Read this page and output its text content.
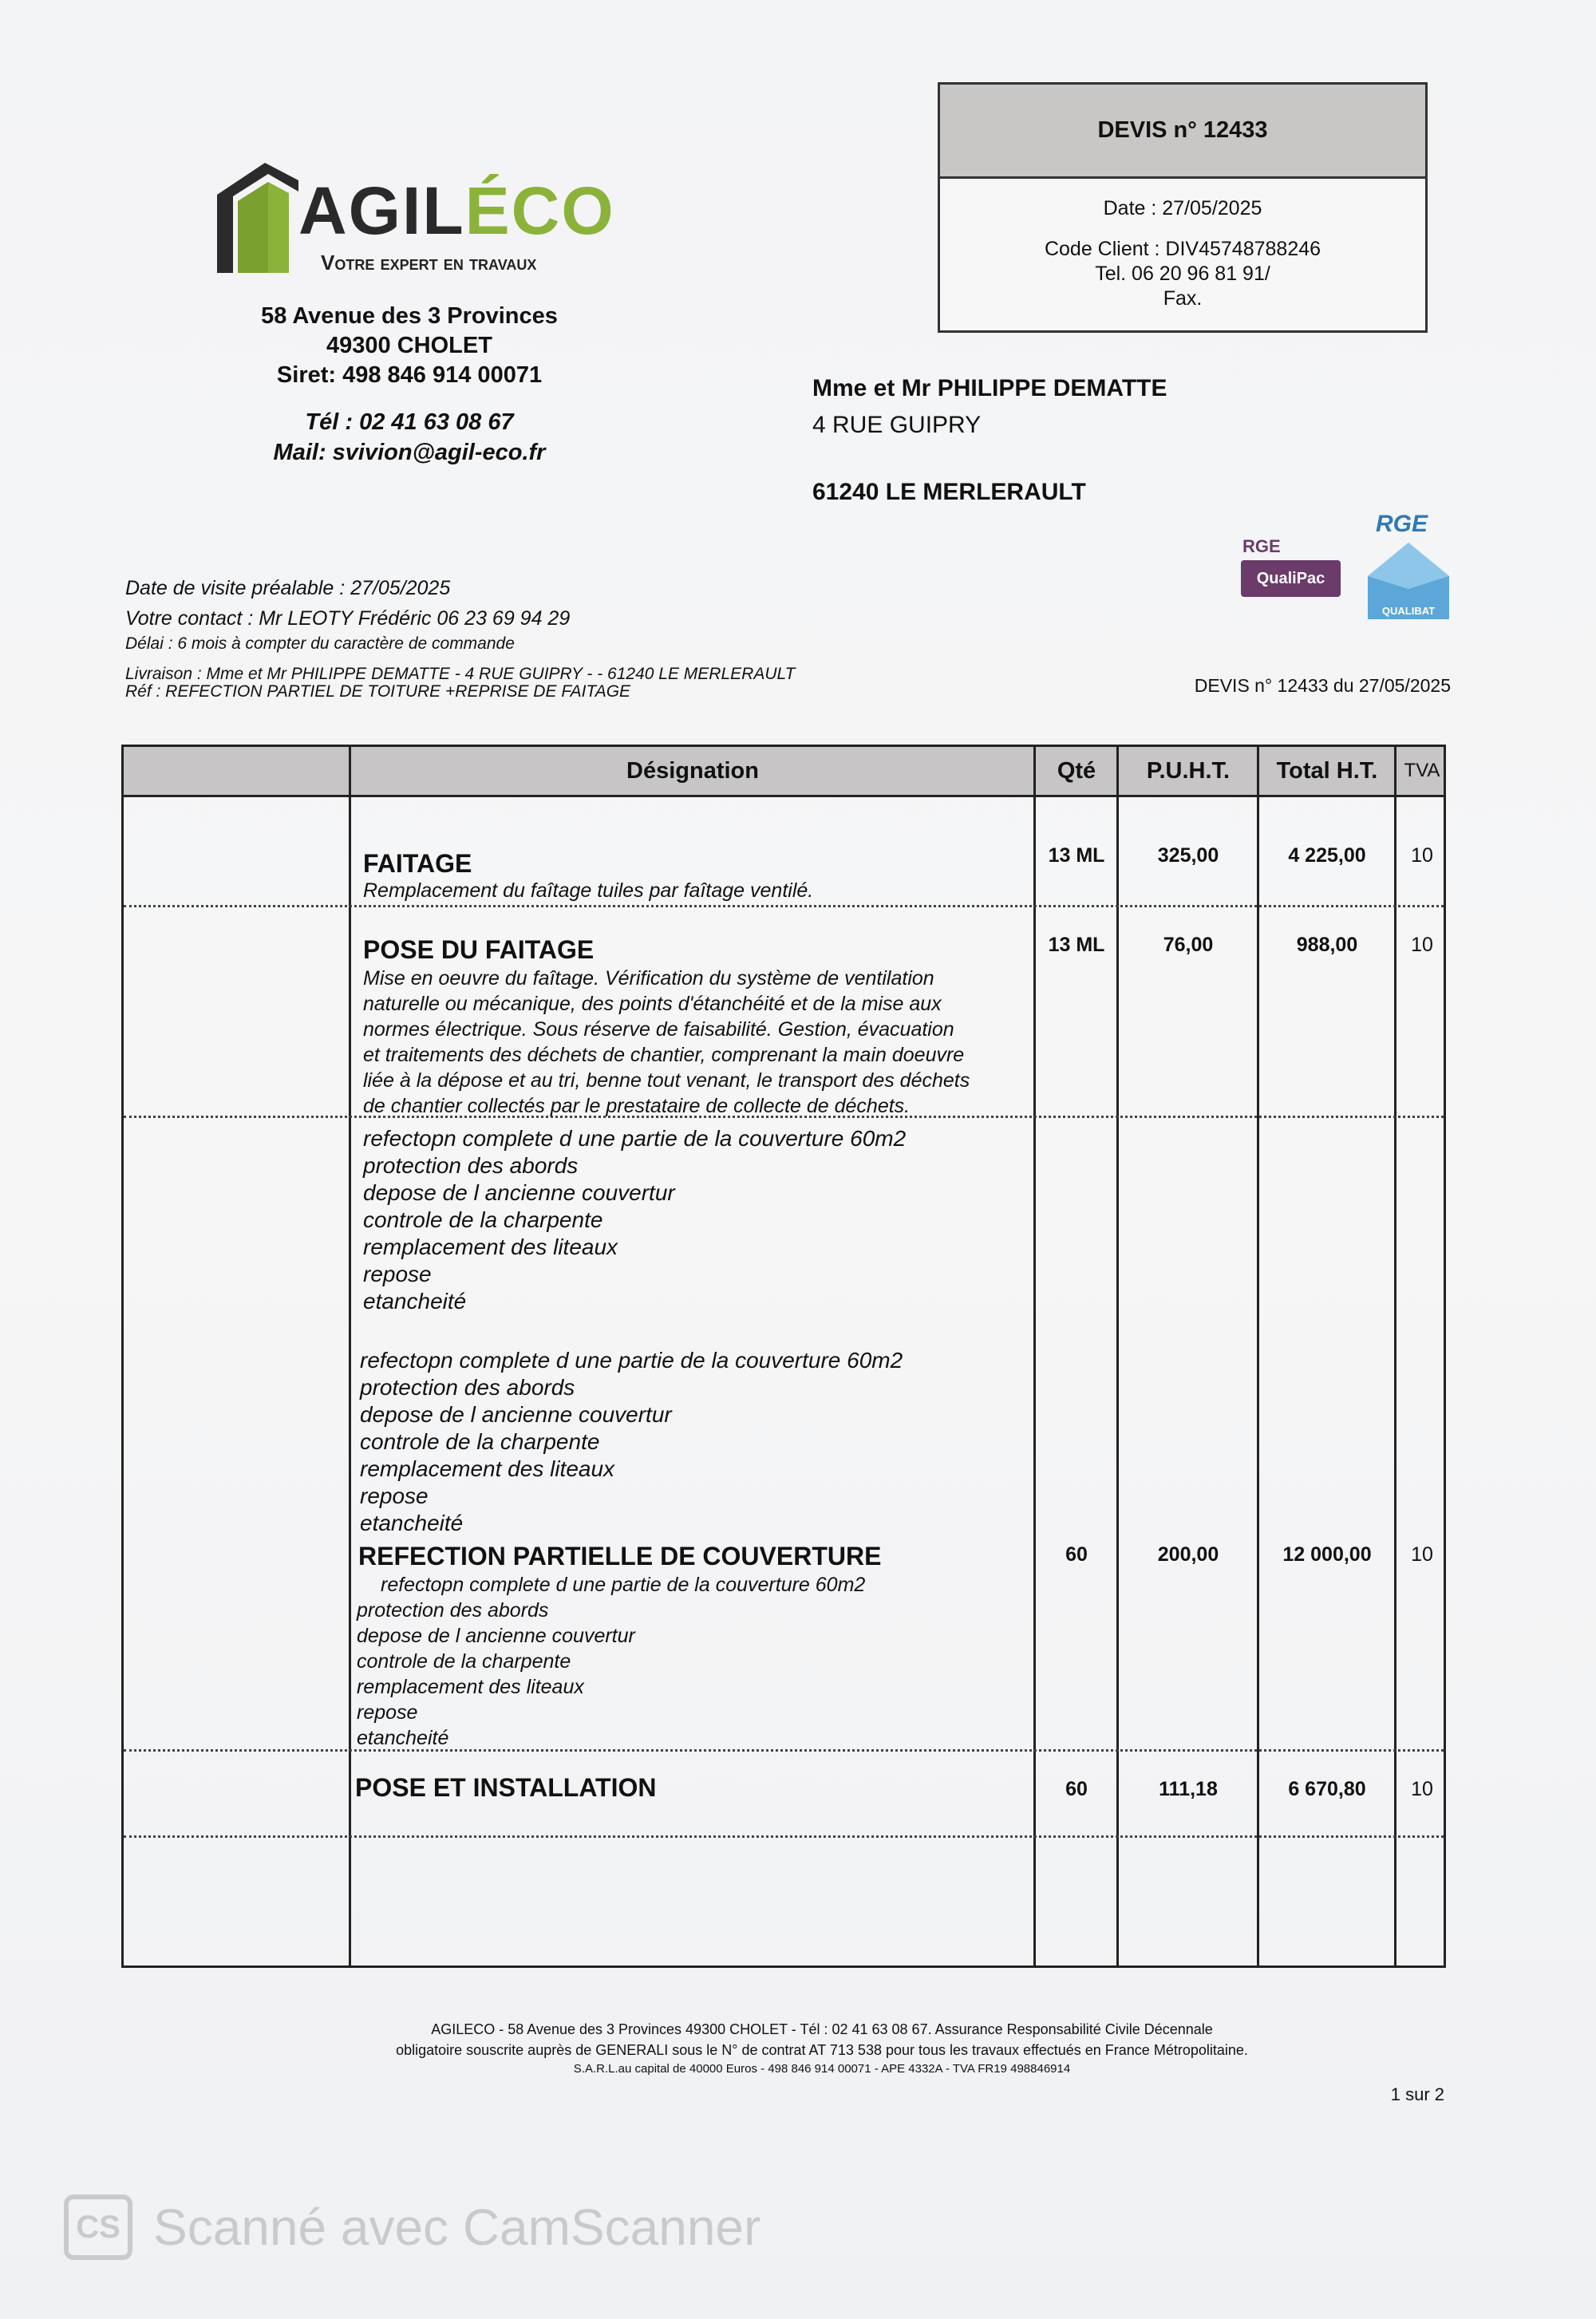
AGILÉCO
Votre expert en travaux
58 Avenue des 3 Provinces
49300 CHOLET
Siret: 498 846 914 00071
Tél : 02 41 63 08 67
Mail: svivion@agil-eco.fr
DEVIS n° 12433
Date : 27/05/2025
Code Client : DIV45748788246
Tel. 06 20 96 81 91/
Fax.
Mme et Mr PHILIPPE DEMATTE
4 RUE GUIPRY
61240 LE MERLERAULT
RGE
QualiPac
RGE
QUALIBAT
Date de visite préalable : 27/05/2025
Votre contact : Mr LEOTY Frédéric 06 23 69 94 29
Délai : 6 mois à compter du caractère de commande
Livraison : Mme et Mr PHILIPPE DEMATTE - 4 RUE GUIPRY - - 61240 LE MERLERAULT
Réf : REFECTION PARTIEL DE TOITURE +REPRISE DE FAITAGE	DEVIS n° 12433 du 27/05/2025
Désignation	Qté	P.U.H.T.	Total H.T.	TVA
FAITAGE
Remplacement du faîtage tuiles par faîtage ventilé.
13 ML	325,00	4 225,00	10
POSE DU FAITAGE
Mise en oeuvre du faîtage. Vérification du système de ventilation
naturelle ou mécanique, des points d'étanchéité et de la mise aux
normes électrique. Sous réserve de faisabilité. Gestion, évacuation
et traitements des déchets de chantier, comprenant la main doeuvre
liée à la dépose et au tri, benne tout venant, le transport des déchets
de chantier collectés par le prestataire de collecte de déchets.
13 ML	76,00	988,00	10
refectopn complete d une partie de la couverture 60m2
protection des abords
depose de l ancienne couvertur
controle de la charpente
remplacement des liteaux
repose
etancheité
refectopn complete d une partie de la couverture 60m2
protection des abords
depose de l ancienne couvertur
controle de la charpente
remplacement des liteaux
repose
etancheité
REFECTION PARTIELLE DE COUVERTURE
refectopn complete d une partie de la couverture 60m2
protection des abords
depose de l ancienne couvertur
controle de la charpente
remplacement des liteaux
repose
etancheité
60	200,00	12 000,00	10
POSE ET INSTALLATION	60	111,18	6 670,80	10
AGILECO - 58 Avenue des 3 Provinces 49300 CHOLET - Tél : 02 41 63 08 67. Assurance Responsabilité Civile Décennale
obligatoire souscrite auprès de GENERALI sous le N° de contrat AT 713 538 pour tous les travaux effectués en France Métropolitaine.
S.A.R.L.au capital de 40000 Euros - 498 846 914 00071 - APE 4332A - TVA FR19 498846914
1 sur 2
CS Scanné avec CamScanner
